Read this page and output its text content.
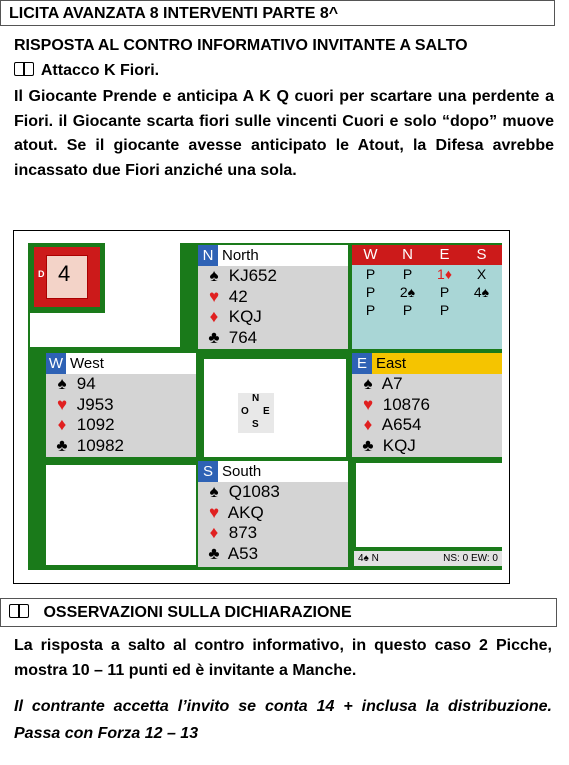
LICITA AVANZATA 8 INTERVENTI PARTE 8^
RISPOSTA AL CONTRO INFORMATIVO INVITANTE A SALTO
Attacco K Fiori.
Il Giocante Prende e anticipa A K Q cuori per scartare una perdente a Fiori. il Giocante scarta fiori sulle vincenti Cuori e solo “dopo” muove atout. Se il giocante avesse anticipato le Atout, la Difesa avrebbe incassato due Fiori anziché una sola.
D 4
N North
♠ KJ652
♥ 42
♦ KQJ
♣ 764
W	N	E	S
P	P	1♦	X
P	2♠	P	4♠
P	P	P
W West
♠ 94
♥ J953
♦ 1092
♣ 10982
N
O E
S
E East
♠ A7
♥ 10876
♦ A654
♣ KQJ
S South
♠ Q1083
♥ AKQ
♦ 873
♣ A53	4♠ N	NS: 0 EW: 0
OSSERVAZIONI SULLA DICHIARAZIONE
La risposta a salto al contro informativo, in questo caso 2 Picche, mostra 10 – 11 punti ed è invitante a Manche.
Il contrante accetta l’invito se conta 14 + inclusa la distribuzione. Passa con Forza 12 – 13
